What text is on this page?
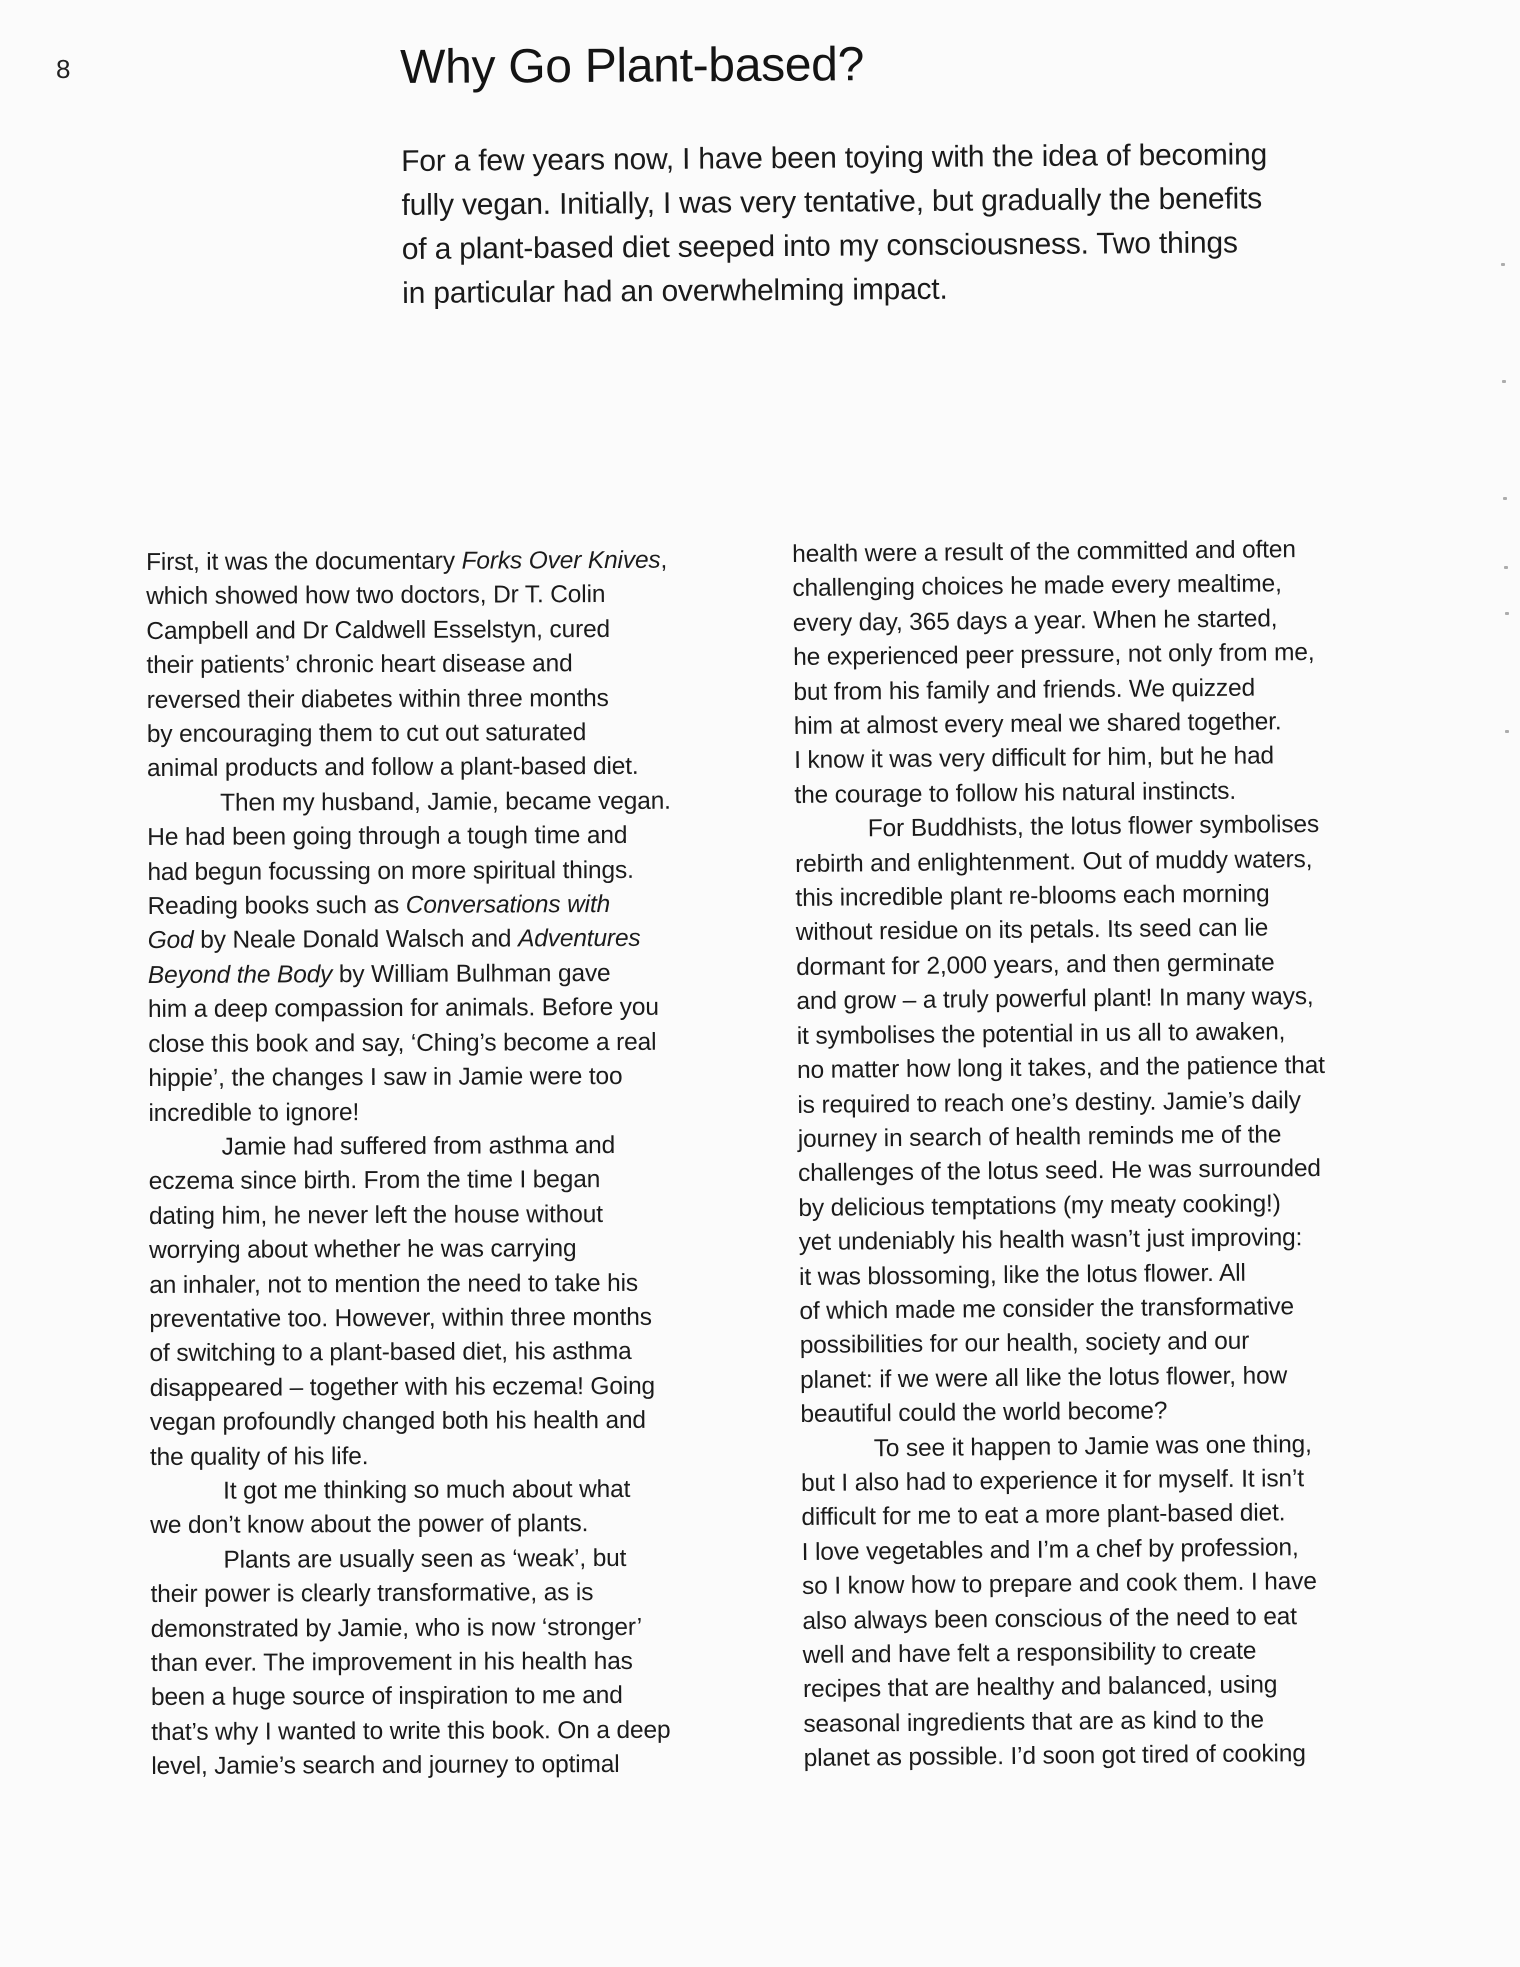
8	Why Go Plant-based?
For a few years now, I have been toying with the idea of becoming
fully vegan. Initially, I was very tentative, but gradually the benefits
of a plant-based diet seeped into my consciousness. Two things
in particular had an overwhelming impact.
First, it was the documentary Forks Over Knives,
which showed how two doctors, Dr T. Colin
Campbell and Dr Caldwell Esselstyn, cured
their patients’ chronic heart disease and
reversed their diabetes within three months
by encouraging them to cut out saturated
animal products and follow a plant-based diet.
Then my husband, Jamie, became vegan.
He had been going through a tough time and
had begun focussing on more spiritual things.
Reading books such as Conversations with
God by Neale Donald Walsch and Adventures
Beyond the Body by William Bulhman gave
him a deep compassion for animals. Before you
close this book and say, ‘Ching’s become a real
hippie’, the changes I saw in Jamie were too
incredible to ignore!
Jamie had suffered from asthma and
eczema since birth. From the time I began
dating him, he never left the house without
worrying about whether he was carrying
an inhaler, not to mention the need to take his
preventative too. However, within three months
of switching to a plant-based diet, his asthma
disappeared – together with his eczema! Going
vegan profoundly changed both his health and
the quality of his life.
It got me thinking so much about what
we don’t know about the power of plants.
Plants are usually seen as ‘weak’, but
their power is clearly transformative, as is
demonstrated by Jamie, who is now ‘stronger’
than ever. The improvement in his health has
been a huge source of inspiration to me and
that’s why I wanted to write this book. On a deep
level, Jamie’s search and journey to optimal
health were a result of the committed and often
challenging choices he made every mealtime,
every day, 365 days a year. When he started,
he experienced peer pressure, not only from me,
but from his family and friends. We quizzed
him at almost every meal we shared together.
I know it was very difficult for him, but he had
the courage to follow his natural instincts.
For Buddhists, the lotus flower symbolises
rebirth and enlightenment. Out of muddy waters,
this incredible plant re-blooms each morning
without residue on its petals. Its seed can lie
dormant for 2,000 years, and then germinate
and grow – a truly powerful plant! In many ways,
it symbolises the potential in us all to awaken,
no matter how long it takes, and the patience that
is required to reach one’s destiny. Jamie’s daily
journey in search of health reminds me of the
challenges of the lotus seed. He was surrounded
by delicious temptations (my meaty cooking!)
yet undeniably his health wasn’t just improving:
it was blossoming, like the lotus flower. All
of which made me consider the transformative
possibilities for our health, society and our
planet: if we were all like the lotus flower, how
beautiful could the world become?
To see it happen to Jamie was one thing,
but I also had to experience it for myself. It isn’t
difficult for me to eat a more plant-based diet.
I love vegetables and I’m a chef by profession,
so I know how to prepare and cook them. I have
also always been conscious of the need to eat
well and have felt a responsibility to create
recipes that are healthy and balanced, using
seasonal ingredients that are as kind to the
planet as possible. I’d soon got tired of cooking
